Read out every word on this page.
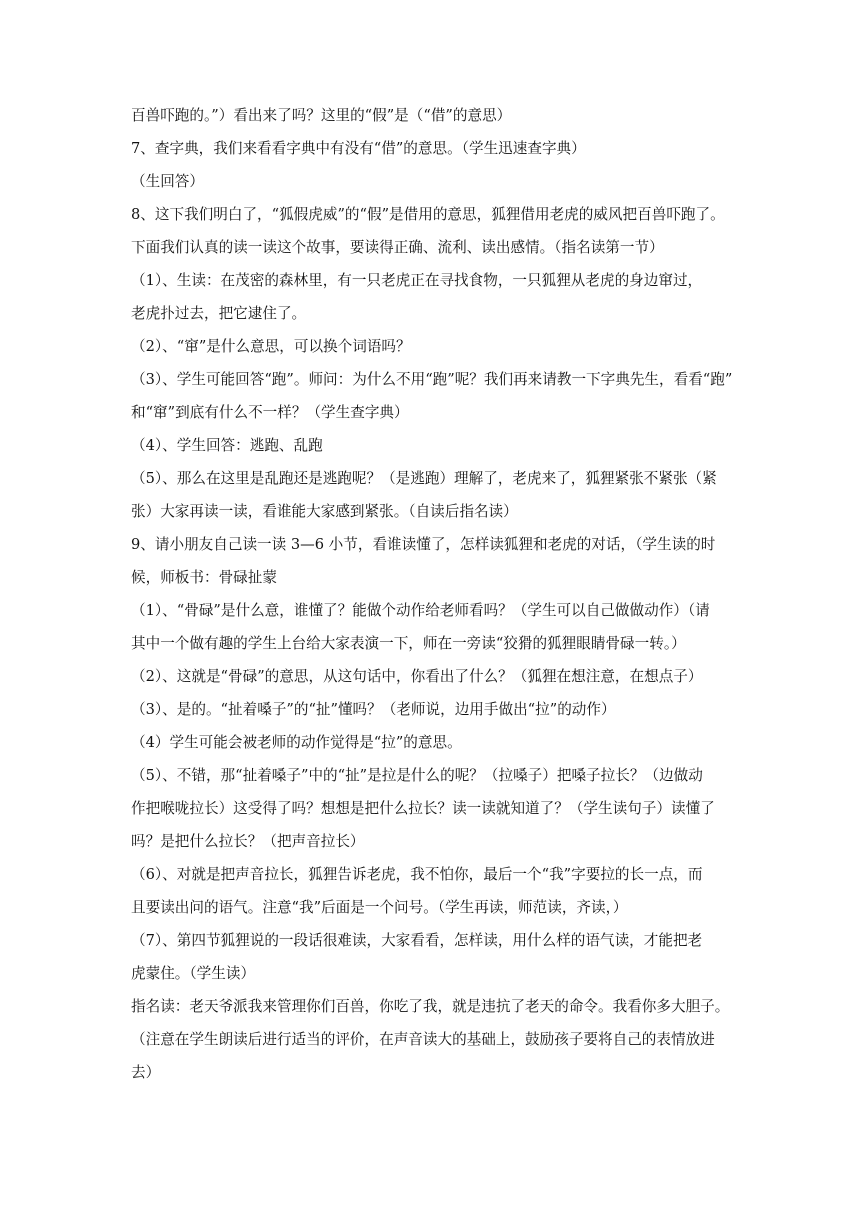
百兽吓跑的。”）看出来了吗？这里的“假”是（“借”的意思）

7、查字典，我们来看看字典中有没有“借”的意思。（学生迅速查字典）

（生回答）

8、这下我们明白了，“狐假虎威”的“假”是借用的意思，狐狸借用老虎的威风把百兽吓跑了。

下面我们认真的读一读这个故事，要读得正确、流利、读出感情。（指名读第一节）

（1）、生读：在茂密的森林里，有一只老虎正在寻找食物，一只狐狸从老虎的身边窜过，

老虎扑过去，把它逮住了。

（2）、“窜”是什么意思，可以换个词语吗？

（3）、学生可能回答“跑”。师问：为什么不用“跑”呢？我们再来请教一下字典先生，看看“跑”

和“窜”到底有什么不一样？（学生查字典）

（4）、学生回答：逃跑、乱跑

（5）、那么在这里是乱跑还是逃跑呢？（是逃跑）理解了，老虎来了，狐狸紧张不紧张（紧

张）大家再读一读，看谁能大家感到紧张。（自读后指名读）

9、请小朋友自己读一读 3—6 小节，看谁读懂了，怎样读狐狸和老虎的对话，（学生读的时

候，师板书：骨碌扯蒙

（1）、“骨碌”是什么意，谁懂了？能做个动作给老师看吗？（学生可以自己做做动作）（请

其中一个做有趣的学生上台给大家表演一下，师在一旁读“狡猾的狐狸眼睛骨碌一转。）

（2）、这就是“骨碌”的意思，从这句话中，你看出了什么？（狐狸在想注意，在想点子）

（3）、是的。“扯着嗓子”的“扯”懂吗？（老师说，边用手做出“拉”的动作）

（4）学生可能会被老师的动作觉得是“拉”的意思。

（5）、不错，那“扯着嗓子”中的“扯”是拉是什么的呢？（拉嗓子）把嗓子拉长？（边做动

作把喉咙拉长）这受得了吗？想想是把什么拉长？读一读就知道了？（学生读句子）读懂了

吗？是把什么拉长？（把声音拉长）

（6）、对就是把声音拉长，狐狸告诉老虎，我不怕你，最后一个“我”字要拉的长一点，而

且要读出问的语气。注意“我”后面是一个问号。（学生再读，师范读，齐读，）

（7）、第四节狐狸说的一段话很难读，大家看看，怎样读，用什么样的语气读，才能把老

虎蒙住。（学生读）

指名读：老天爷派我来管理你们百兽，你吃了我，就是违抗了老天的命令。我看你多大胆子。

（注意在学生朗读后进行适当的评价，在声音读大的基础上，鼓励孩子要将自己的表情放进

去）
